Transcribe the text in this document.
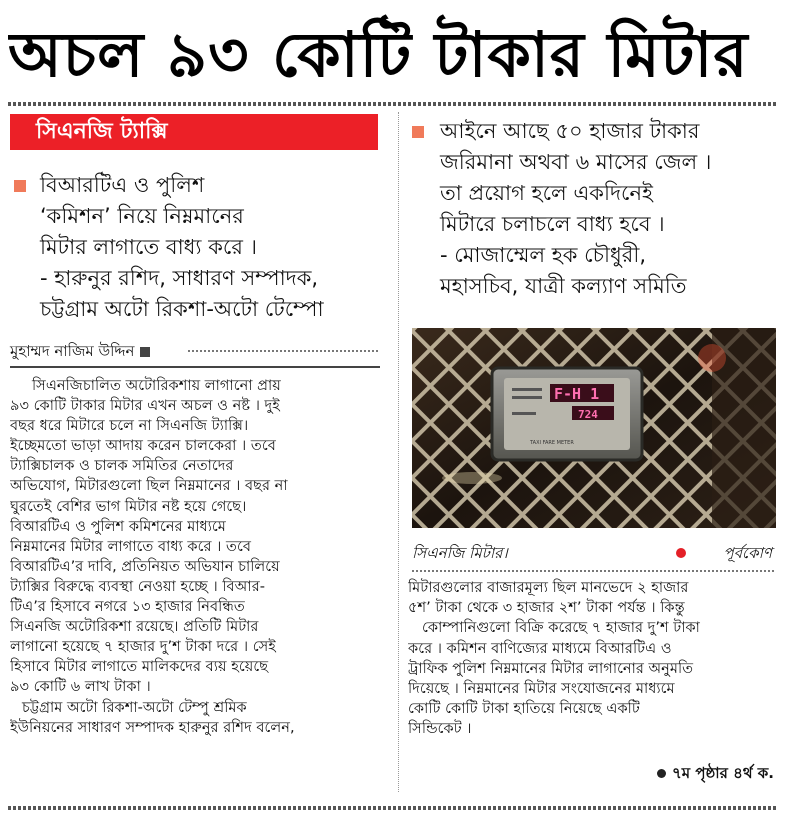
অচল ৯৩ কোটি টাকার মিটার
সিএনজি ট্যাক্সি
বিআরটিএ ও পুলিশ
‘কমিশন’ নিয়ে নিম্নমানের
মিটার লাগাতে বাধ্য করে ।
- হারুনুর রশিদ, সাধারণ সম্পাদক,
চট্টগ্রাম অটো রিকশা-অটো টেম্পো
আইনে আছে ৫০ হাজার টাকার
জরিমানা অথবা ৬ মাসের জেল ।
তা প্রয়োগ হলে একদিনেই
মিটারে চলাচলে বাধ্য হবে ।
- মোজাম্মেল হক চৌধুরী,
মহাসচিব, যাত্রী কল্যাণ সমিতি
মুহাম্মদ নাজিম উদ্দিন
সিএনজিচালিত অটোরিকশায় লাগানো প্রায়
৯৩ কোটি টাকার মিটার এখন অচল ও নষ্ট । দুই
বছর ধরে মিটারে চলে না সিএনজি ট্যাক্সি।
ইচ্ছেমতো ভাড়া আদায় করেন চালকেরা । তবে
ট্যাক্সিচালক ও চালক সমিতির নেতাদের
অভিযোগ, মিটারগুলো ছিল নিম্নমানের । বছর না
ঘুরতেই বেশির ভাগ মিটার নষ্ট হয়ে গেছে।
বিআরটিএ ও পুলিশ কমিশনের মাধ্যমে
নিম্নমানের মিটার লাগাতে বাধ্য করে । তবে
বিআরটিএ’র দাবি, প্রতিনিয়ত অভিযান চালিয়ে
ট্যাক্সির বিরুদ্ধে ব্যবস্থা নেওয়া হচ্ছে । বিআর-
টিএ’র হিসাবে নগরে ১৩ হাজার নিবন্ধিত
সিএনজি অটোরিকশা রয়েছে। প্রতিটি মিটার
লাগানো হয়েছে ৭ হাজার দু’শ টাকা দরে । সেই
হিসাবে মিটার লাগাতে মালিকদের ব্যয় হয়েছে
৯৩ কোটি ৬ লাখ টাকা ।
চট্টগ্রাম অটো রিকশা-অটো টেম্পু শ্রমিক
ইউনিয়নের সাধারণ সম্পাদক হারুনুর রশিদ বলেন,
F-H 1
724
TAXI FARE METER
সিএনজি মিটার।	পূর্বকোণ
মিটারগুলোর বাজারমূল্য ছিল মানভেদে ২ হাজার
৫শ’ টাকা থেকে ৩ হাজার ২শ’ টাকা পর্যন্ত । কিন্তু
কোম্পানিগুলো বিক্রি করেছে ৭ হাজার দু’শ টাকা
করে । কমিশন বাণিজ্যের মাধ্যমে বিআরটিএ ও
ট্রাফিক পুলিশ নিম্নমানের মিটার লাগানোর অনুমতি
দিয়েছে । নিম্নমানের মিটার সংযোজনের মাধ্যমে
কোটি কোটি টাকা হাতিয়ে নিয়েছে একটি
সিন্ডিকেট ।
৭ম পৃষ্ঠার ৪র্থ ক.
